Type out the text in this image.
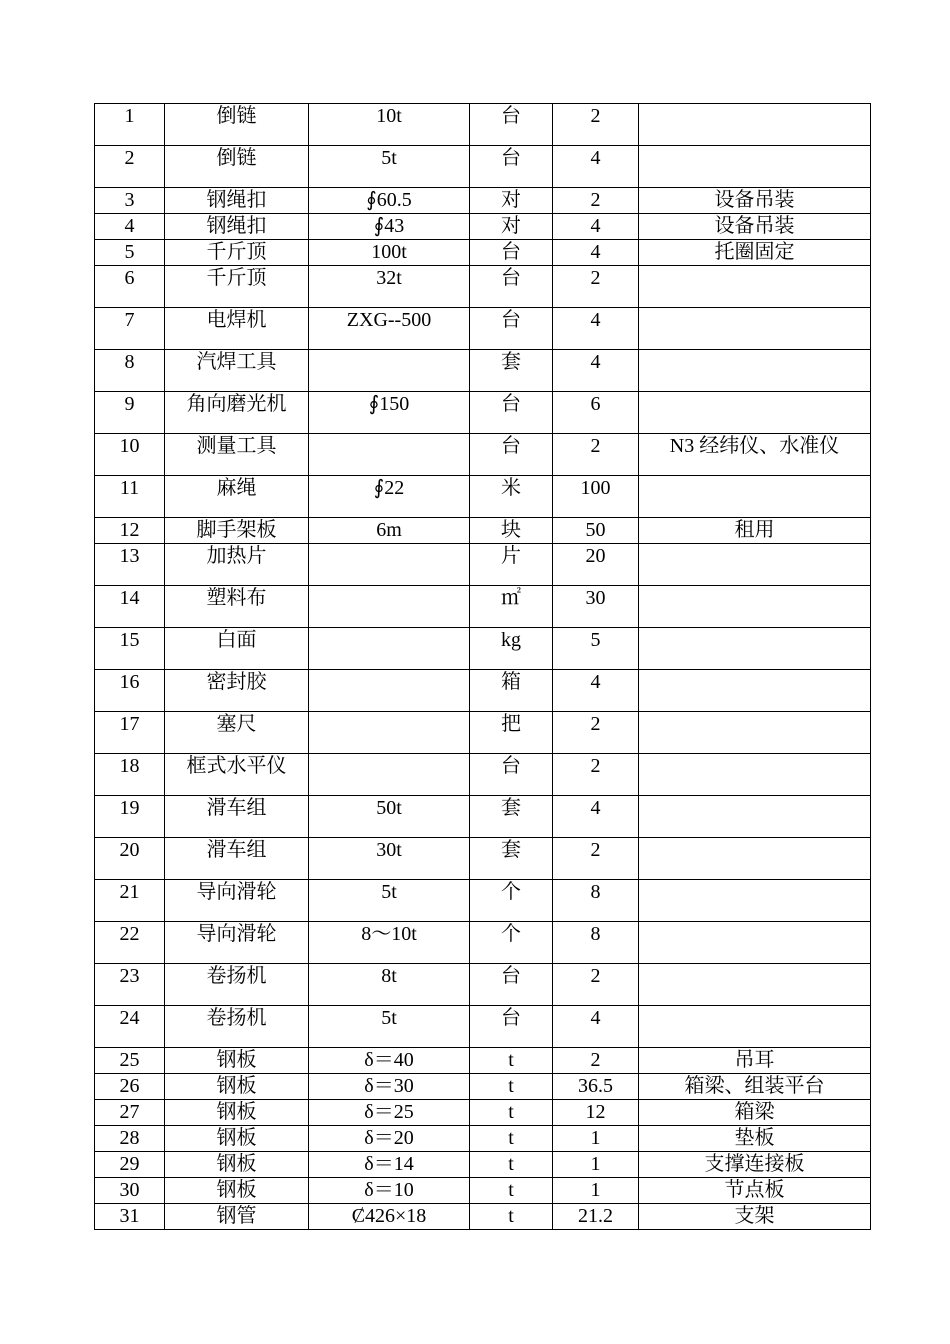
1	倒链	10t	台	2	
2	倒链	5t	台	4	
3	钢绳扣	∮60.5	对	2	设备吊装
4	钢绳扣	∮43	对	4	设备吊装
5	千斤顶	100t	台	4	托圈固定
6	千斤顶	32t	台	2	
7	电焊机	ZXG--500	台	4	
8	汽焊工具		套	4	
9	角向磨光机	∮150	台	6	
10	测量工具		台	2	N3 经纬仪、水准仪
11	麻绳	∮22	米	100	
12	脚手架板	6m	块	50	租用
13	加热片		片	20	
14	塑料布		㎡	30	
15	白面		kg	5	
16	密封胶		箱	4	
17	塞尺		把	2	
18	框式水平仪		台	2	
19	滑车组	50t	套	4	
20	滑车组	30t	套	2	
21	导向滑轮	5t	个	8	
22	导向滑轮	8～10t	个	8	
23	卷扬机	8t	台	2	
24	卷扬机	5t	台	4	
25	钢板	δ＝40	t	2	吊耳
26	钢板	δ＝30	t	36.5	箱梁、组装平台
27	钢板	δ＝25	t	12	箱梁
28	钢板	δ＝20	t	1	垫板
29	钢板	δ＝14	t	1	支撑连接板
30	钢板	δ＝10	t	1	节点板
31	钢管	Ȼ426×18	t	21.2	支架
